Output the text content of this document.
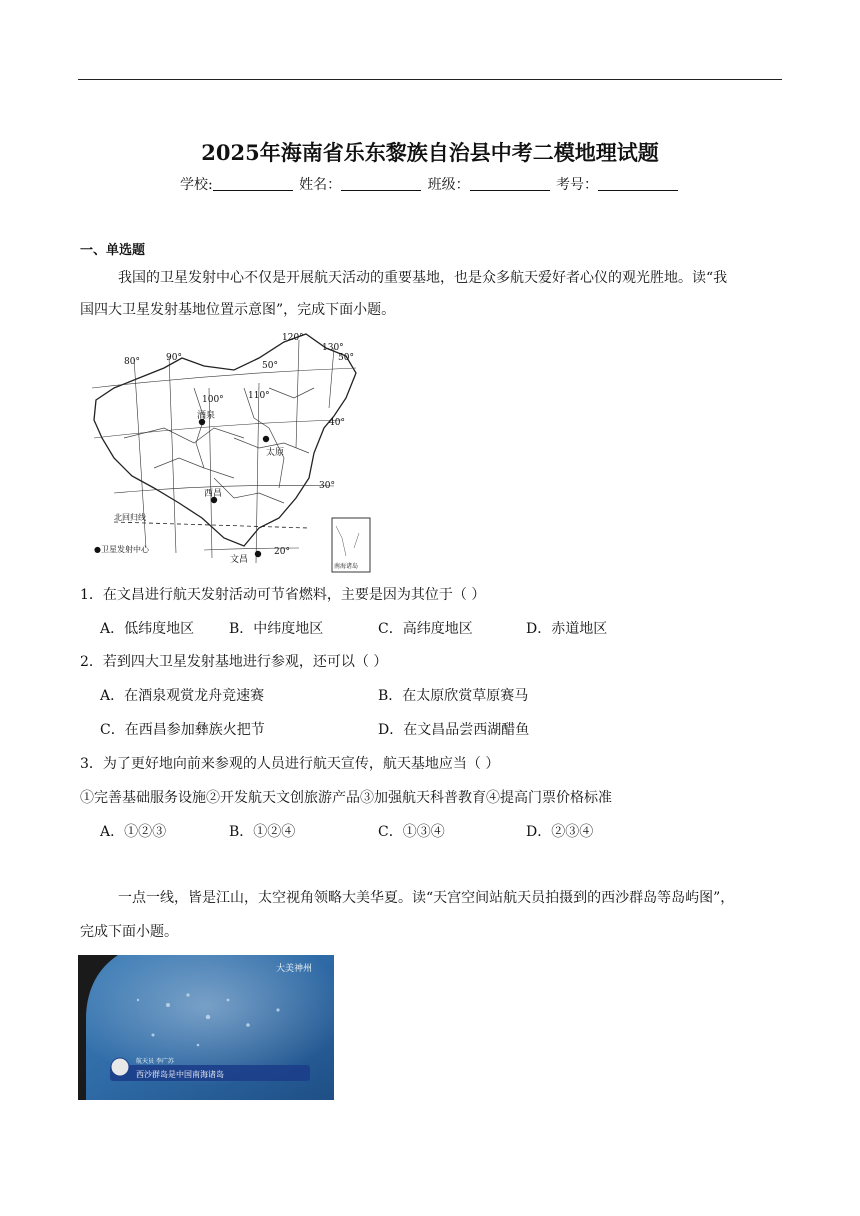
2025年海南省乐东黎族自治县中考二模地理试题
学校:	姓名：	班级：	考号：
一、单选题
我国的卫星发射中心不仅是开展航天活动的重要基地，也是众多航天爱好者心仪的观光胜地。读“我
国四大卫星发射基地位置示意图”，完成下面小题。
80°	90°
100°	110°
120°
130°
50°
50°
40°
30°
20°
酒泉
太原
西昌
文昌
北回归线
●卫星发射中心
南海诸岛
1．在文昌进行航天发射活动可节省燃料，主要是因为其位于（ ）
A．低纬度地区 B．中纬度地区	C．高纬度地区	D．赤道地区
2．若到四大卫星发射基地进行参观，还可以（ ）
A．在酒泉观赏龙舟竞速赛	B．在太原欣赏草原赛马
C．在西昌参加彝族火把节	D．在文昌品尝西湖醋鱼
3．为了更好地向前来参观的人员进行航天宣传，航天基地应当（ ）
①完善基础服务设施②开发航天文创旅游产品③加强航天科普教育④提高门票价格标准
A．①②③	B．①②④	C．①③④	D．②③④
一点一线，皆是江山，太空视角领略大美华夏。读“天宫空间站航天员拍摄到的西沙群岛等岛屿图”，
完成下面小题。
大美神州
航天员 李广苏
西沙群岛是中国南海诸岛
